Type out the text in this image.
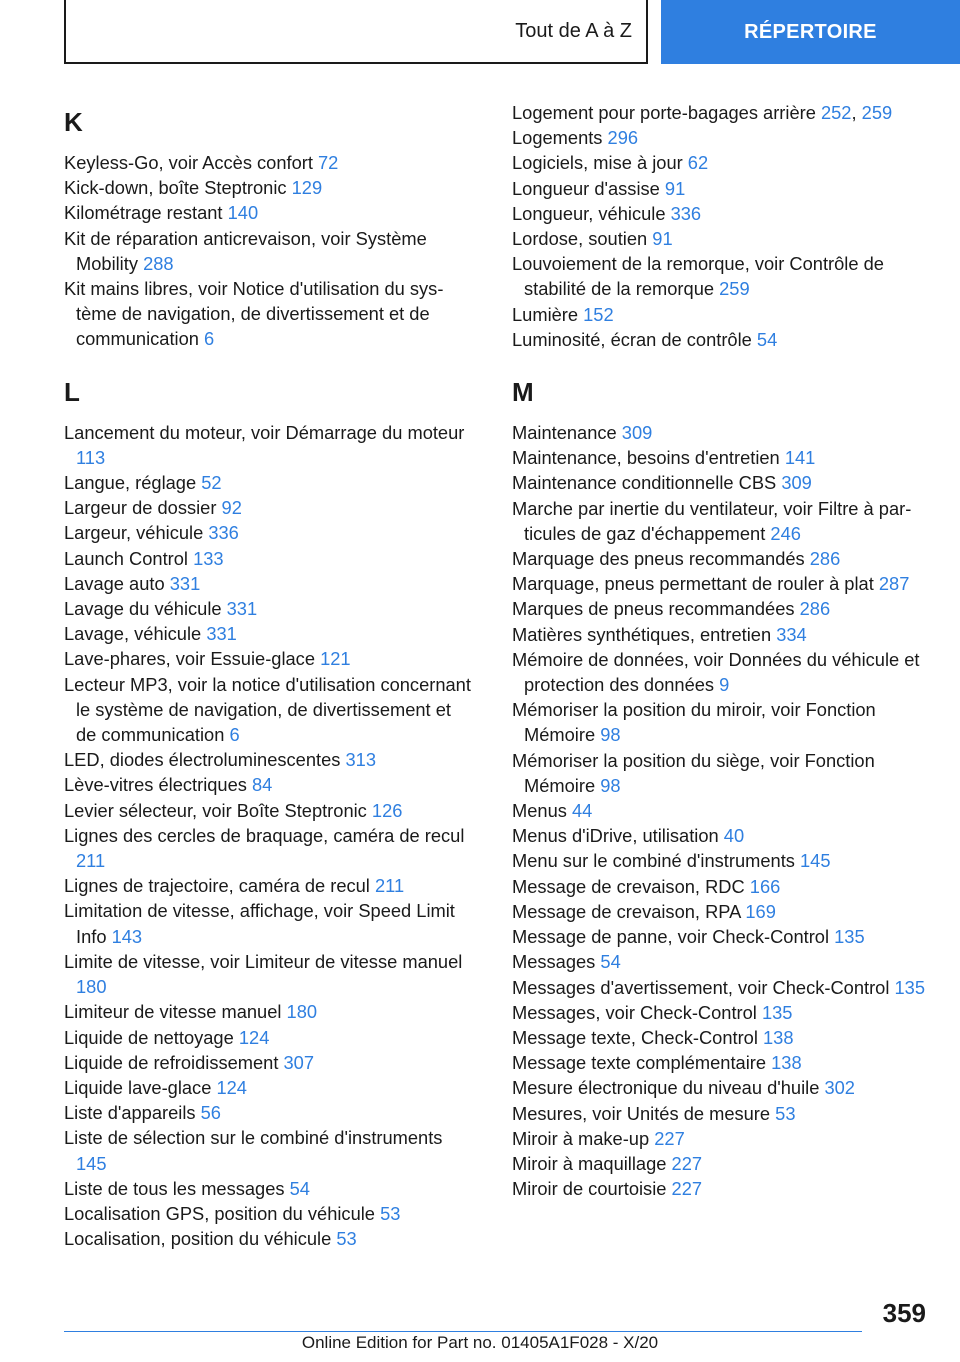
Tout de A à Z	RÉPERTOIRE
K
Keyless-Go, voir Accès confort 72
Kick-down, boîte Steptronic 129
Kilométrage restant 140
Kit de réparation anticrevaison, voir Système Mobility 288
Kit mains libres, voir Notice d'utilisation du système de navigation, de divertissement et de communication 6
L
Lancement du moteur, voir Démarrage du moteur 113
Langue, réglage 52
Largeur de dossier 92
Largeur, véhicule 336
Launch Control 133
Lavage auto 331
Lavage du véhicule 331
Lavage, véhicule 331
Lave-phares, voir Essuie-glace 121
Lecteur MP3, voir la notice d'utilisation concernant le système de navigation, de divertissement et de communication 6
LED, diodes électroluminescentes 313
Lève-vitres électriques 84
Levier sélecteur, voir Boîte Steptronic 126
Lignes des cercles de braquage, caméra de recul 211
Lignes de trajectoire, caméra de recul 211
Limitation de vitesse, affichage, voir Speed Limit Info 143
Limite de vitesse, voir Limiteur de vitesse manuel 180
Limiteur de vitesse manuel 180
Liquide de nettoyage 124
Liquide de refroidissement 307
Liquide lave-glace 124
Liste d'appareils 56
Liste de sélection sur le combiné d'instruments 145
Liste de tous les messages 54
Localisation GPS, position du véhicule 53
Localisation, position du véhicule 53
Logement pour porte-bagages arrière 252, 259
Logements 296
Logiciels, mise à jour 62
Longueur d'assise 91
Longueur, véhicule 336
Lordose, soutien 91
Louvoiement de la remorque, voir Contrôle de stabilité de la remorque 259
Lumière 152
Luminosité, écran de contrôle 54
M
Maintenance 309
Maintenance, besoins d'entretien 141
Maintenance conditionnelle CBS 309
Marche par inertie du ventilateur, voir Filtre à particules de gaz d'échappement 246
Marquage des pneus recommandés 286
Marquage, pneus permettant de rouler à plat 287
Marques de pneus recommandées 286
Matières synthétiques, entretien 334
Mémoire de données, voir Données du véhicule et protection des données 9
Mémoriser la position du miroir, voir Fonction Mémoire 98
Mémoriser la position du siège, voir Fonction Mémoire 98
Menus 44
Menus d'iDrive, utilisation 40
Menu sur le combiné d'instruments 145
Message de crevaison, RDC 166
Message de crevaison, RPA 169
Message de panne, voir Check-Control 135
Messages 54
Messages d'avertissement, voir Check-Control 135
Messages, voir Check-Control 135
Message texte, Check-Control 138
Message texte complémentaire 138
Mesure électronique du niveau d'huile 302
Mesures, voir Unités de mesure 53
Miroir à make-up 227
Miroir à maquillage 227
Miroir de courtoisie 227
359
Online Edition for Part no. 01405A1F028 - X/20
